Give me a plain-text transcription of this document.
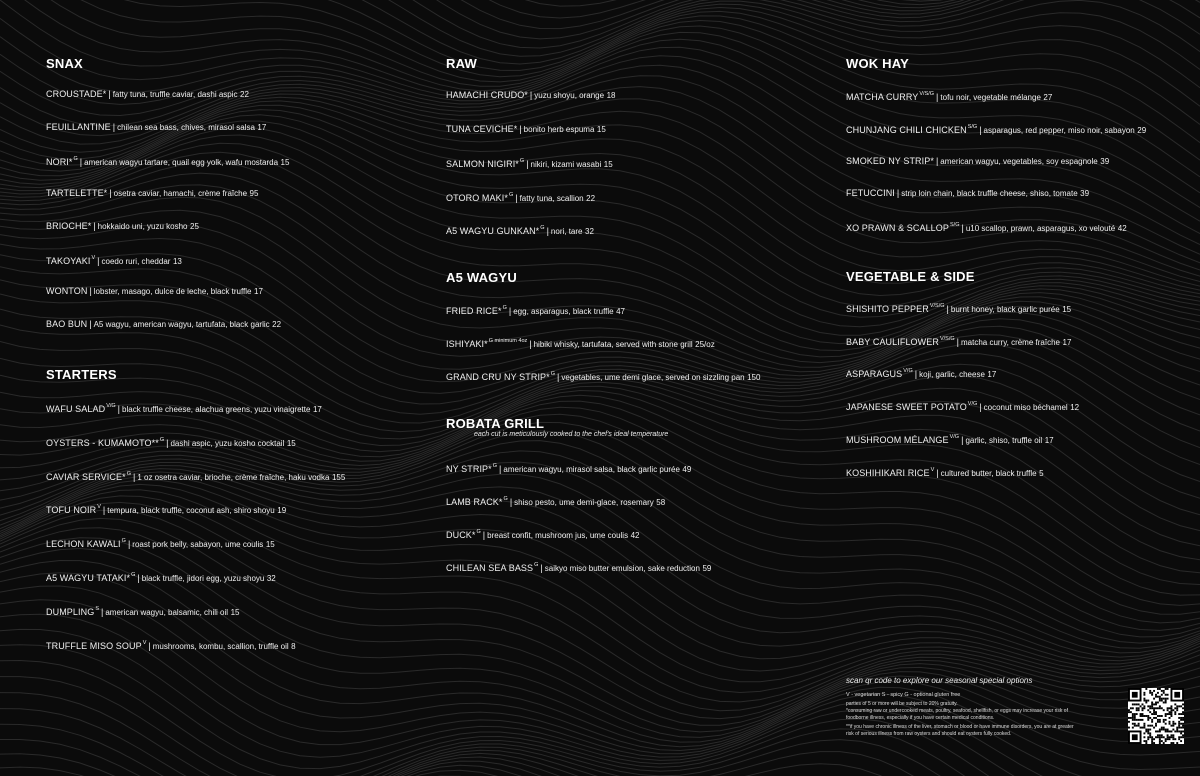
SNAX
CROUSTADE* | fatty tuna, truffle caviar, dashi aspic 22
FEUILLANTINE | chilean sea bass, chives, mirasol salsa 17
NORI*$^G$ | american wagyu tartare, quail egg yolk, wafu mostarda 15
TARTELETTE* | osetra caviar, hamachi, crème fraîche 95
BRIOCHE* | hokkaido uni, yuzu kosho 25
$TAKOYAKI^V$ | coedo ruri, cheddar 13
WONTON | lobster, masago, dulce de leche, black truffle 17
BAO BUN | A5 wagyu, american wagyu, tartufata, black garlic 22
STARTERS
WAFU $SALAD^{V/G}$ | black truffle cheese, alachua greens, yuzu vinaigrette 17
OYSTERS - KUMAMOTO**$^G$ | dashi aspic, yuzu kosho cocktail 15
CAVIAR SERVICE*$^G$ | 1 oz osetra caviar, brioche, crème fraîche, haku vodka 155
TOFU $NOIR^V$ | tempura, black truffle, coconut ash, shiro shoyu 19
LECHON $KAWALI^G$ | roast pork belly, sabayon, ume coulis 15
A5 WAGYU TATAKI*$^G$ | black truffle, jidori egg, yuzu shoyu 32
$DUMPLING^S$ | american wagyu, balsamic, chili oil 15
TRUFFLE MISO $SOUP^V$ | mushrooms, kombu, scallion, truffle oil 8
RAW
HAMACHI CRUDO* | yuzu shoyu, orange 18
TUNA CEVICHE* | bonito herb espuma 15
SALMON NIGIRI*$^G$ | nikiri, kizami wasabi 15
OTORO MAKI*$^G$ | fatty tuna, scallion 22
A5 WAGYU GUNKAN*$^G$ | nori, tare 32
A5 WAGYU
FRIED RICE*$^G$ | egg, asparagus, black truffle 47
ISHIYAKI*$^{G minimum 4oz}$ | hibiki whisky, tartufata, served with stone grill 25/oz
GRAND CRU NY STRIP*$^G$ | vegetables, ume demi glace, served on sizzling pan 150
ROBATA GRILL
each cut is meticulously cooked to the chef's ideal temperature
NY STRIP*$^G$ | american wagyu, mirasol salsa, black garlic purée 49
LAMB RACK*$^G$ | shiso pesto, ume demi-glace, rosemary 58
DUCK*$^G$ | breast confit, mushroom jus, ume coulis 42
CHILEAN SEA $BASS^G$ | saikyo miso butter emulsion, sake reduction 59
WOK HAY
MATCHA $CURRY^{V/S/G}$ | tofu noir, vegetable mélange 27
CHUNJANG CHILI $CHICKEN^{S/G}$ | asparagus, red pepper, miso noir, sabayon 29
SMOKED NY STRIP* | american wagyu, vegetables, soy espagnole 39
FETUCCINI | strip loin chain, black truffle cheese, shiso, tomate 39
XO PRAWN & $SCALLOP^{S/G}$ | u10 scallop, prawn, asparagus, xo velouté 42
VEGETABLE & SIDE
SHISHITO $PEPPER^{V/S/G}$ | burnt honey, black garlic purée 15
BABY $CAULIFLOWER^{V/S/G}$ | matcha curry, crème fraîche 17
$ASPARAGUS^{V/G}$ | koji, garlic, cheese 17
JAPANESE SWEET $POTATO^{V/G}$ | coconut miso béchamel 12
MUSHROOM $MÉLANGE^{V/G}$ | garlic, shiso, truffle oil 17
KOSHIHIKARI $RICE^V$ | cultured butter, black truffle 5
scan qr code to explore our seasonal special options
V - vegetarian S - spicy G - optional gluten free
parties of 5 or more will be subject to 20% gratuity.
*consuming raw or undercooked meats, poultry, seafood, shellfish, or eggs may increase your risk of foodborne illness, especially if you have certain medical conditions.
**if you have chronic illness of the liver, stomach or blood or have immune disorders, you are at greater risk of serious illness from raw oysters and should eat oysters fully cooked.
